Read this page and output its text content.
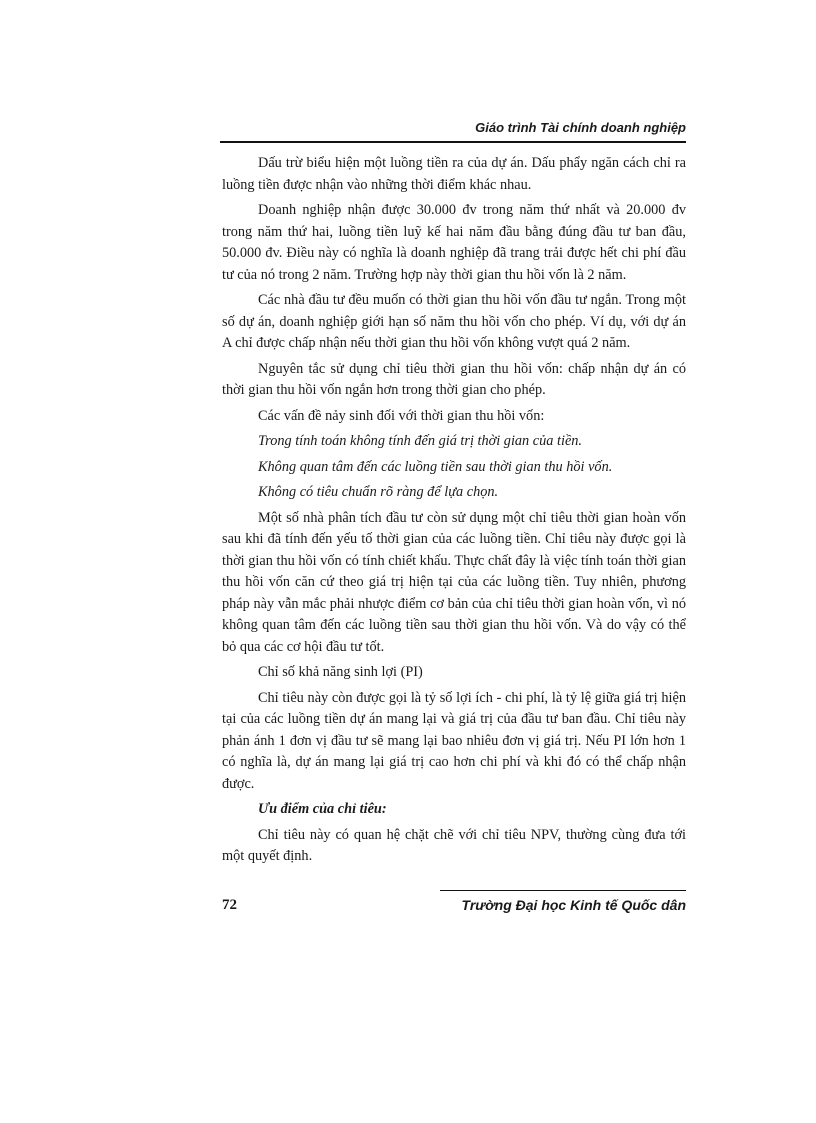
Giáo trình Tài chính doanh nghiệp

Dấu trừ biểu hiện một luồng tiền ra của dự án. Dấu phẩy ngăn cách chỉ ra luồng tiền được nhận vào những thời điểm khác nhau.

Doanh nghiệp nhận được 30.000 đv trong năm thứ nhất và 20.000 đv trong năm thứ hai, luồng tiền luỹ kế hai năm đầu bằng đúng đầu tư ban đầu, 50.000 đv. Điều này có nghĩa là doanh nghiệp đã trang trải được hết chi phí đầu tư của nó trong 2 năm. Trường hợp này thời gian thu hồi vốn là 2 năm.

Các nhà đầu tư đều muốn có thời gian thu hồi vốn đầu tư ngắn. Trong một số dự án, doanh nghiệp giới hạn số năm thu hồi vốn cho phép. Ví dụ, với dự án A chỉ được chấp nhận nếu thời gian thu hồi vốn không vượt quá 2 năm.

Nguyên tắc sử dụng chỉ tiêu thời gian thu hồi vốn: chấp nhận dự án có thời gian thu hồi vốn ngắn hơn trong thời gian cho phép.

Các vấn đề nảy sinh đối với thời gian thu hồi vốn:

Trong tính toán không tính đến giá trị thời gian của tiền.

Không quan tâm đến các luồng tiền sau thời gian thu hồi vốn.

Không có tiêu chuẩn rõ ràng để lựa chọn.

Một số nhà phân tích đầu tư còn sử dụng một chỉ tiêu thời gian hoàn vốn sau khi đã tính đến yếu tố thời gian của các luồng tiền. Chỉ tiêu này được gọi là thời gian thu hồi vốn có tính chiết khấu. Thực chất đây là việc tính toán thời gian thu hồi vốn căn cứ theo giá trị hiện tại của các luồng tiền. Tuy nhiên, phương pháp này vẫn mắc phải nhược điểm cơ bản của chỉ tiêu thời gian hoàn vốn, vì nó không quan tâm đến các luồng tiền sau thời gian thu hồi vốn. Và do vậy có thể bỏ qua các cơ hội đầu tư tốt.

Chỉ số khả năng sinh lợi (PI)

Chỉ tiêu này còn được gọi là tỷ số lợi ích - chi phí, là tỷ lệ giữa giá trị hiện tại của các luồng tiền dự án mang lại và giá trị của đầu tư ban đầu. Chỉ tiêu này phản ánh 1 đơn vị đầu tư sẽ mang lại bao nhiêu đơn vị giá trị. Nếu PI lớn hơn 1 có nghĩa là, dự án mang lại giá trị cao hơn chi phí và khi đó có thể chấp nhận được.

Ưu điểm của chỉ tiêu:

Chỉ tiêu này có quan hệ chặt chẽ với chỉ tiêu NPV, thường cùng đưa tới một quyết định.

72	Trường Đại học Kinh tế Quốc dân
